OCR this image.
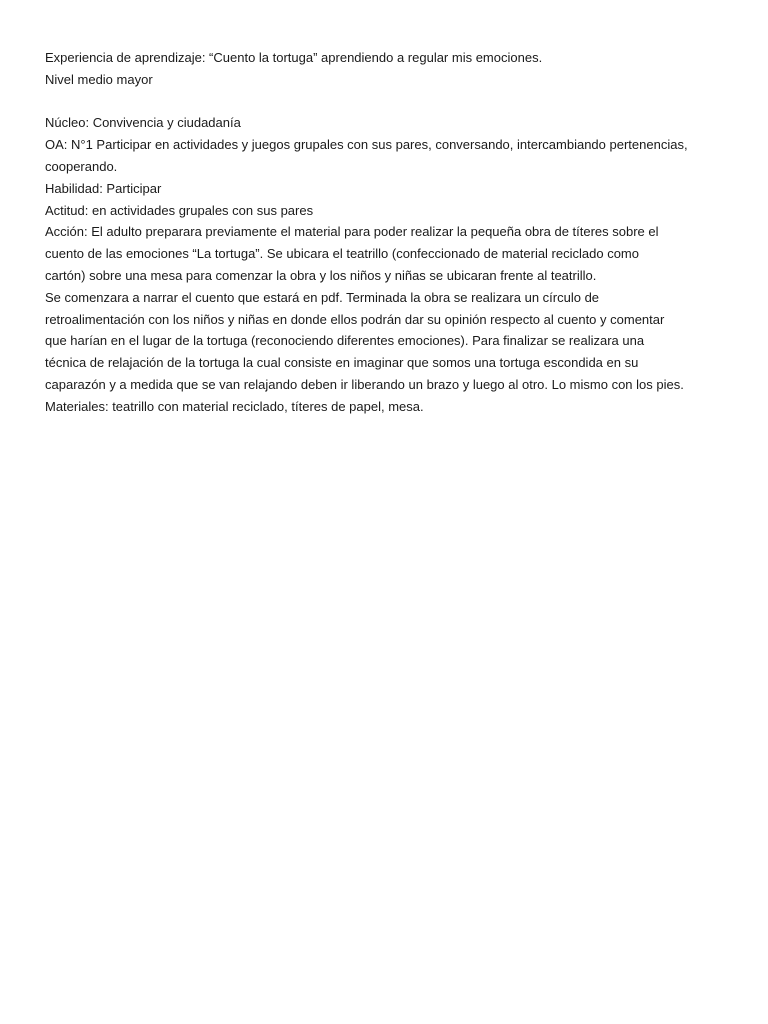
Experiencia de aprendizaje: “Cuento la tortuga” aprendiendo a regular mis emociones.
Nivel medio mayor
Núcleo: Convivencia y ciudadanía
OA: N°1 Participar en actividades y juegos grupales con sus pares, conversando, intercambiando pertenencias,
cooperando.
Habilidad: Participar
Actitud: en actividades grupales con sus pares
Acción: El adulto preparara previamente el material para poder realizar la pequeña obra de títeres sobre el
cuento de las emociones “La tortuga”. Se ubicara el teatrillo (confeccionado de material reciclado como
cartón) sobre una mesa para comenzar la obra y los niños y niñas se ubicaran frente al teatrillo.
Se comenzara a narrar el cuento que estará en pdf. Terminada la obra se realizara un círculo de
retroalimentación con los niños y niñas en donde ellos podrán dar su opinión respecto al cuento y comentar
que harían en el lugar de la tortuga (reconociendo diferentes emociones). Para finalizar se realizara una
técnica de relajación de la tortuga la cual consiste en imaginar que somos una tortuga escondida en su
caparazón y a medida que se van relajando deben ir liberando un brazo y luego al otro. Lo mismo con los pies.
Materiales: teatrillo con material reciclado, títeres de papel, mesa.
